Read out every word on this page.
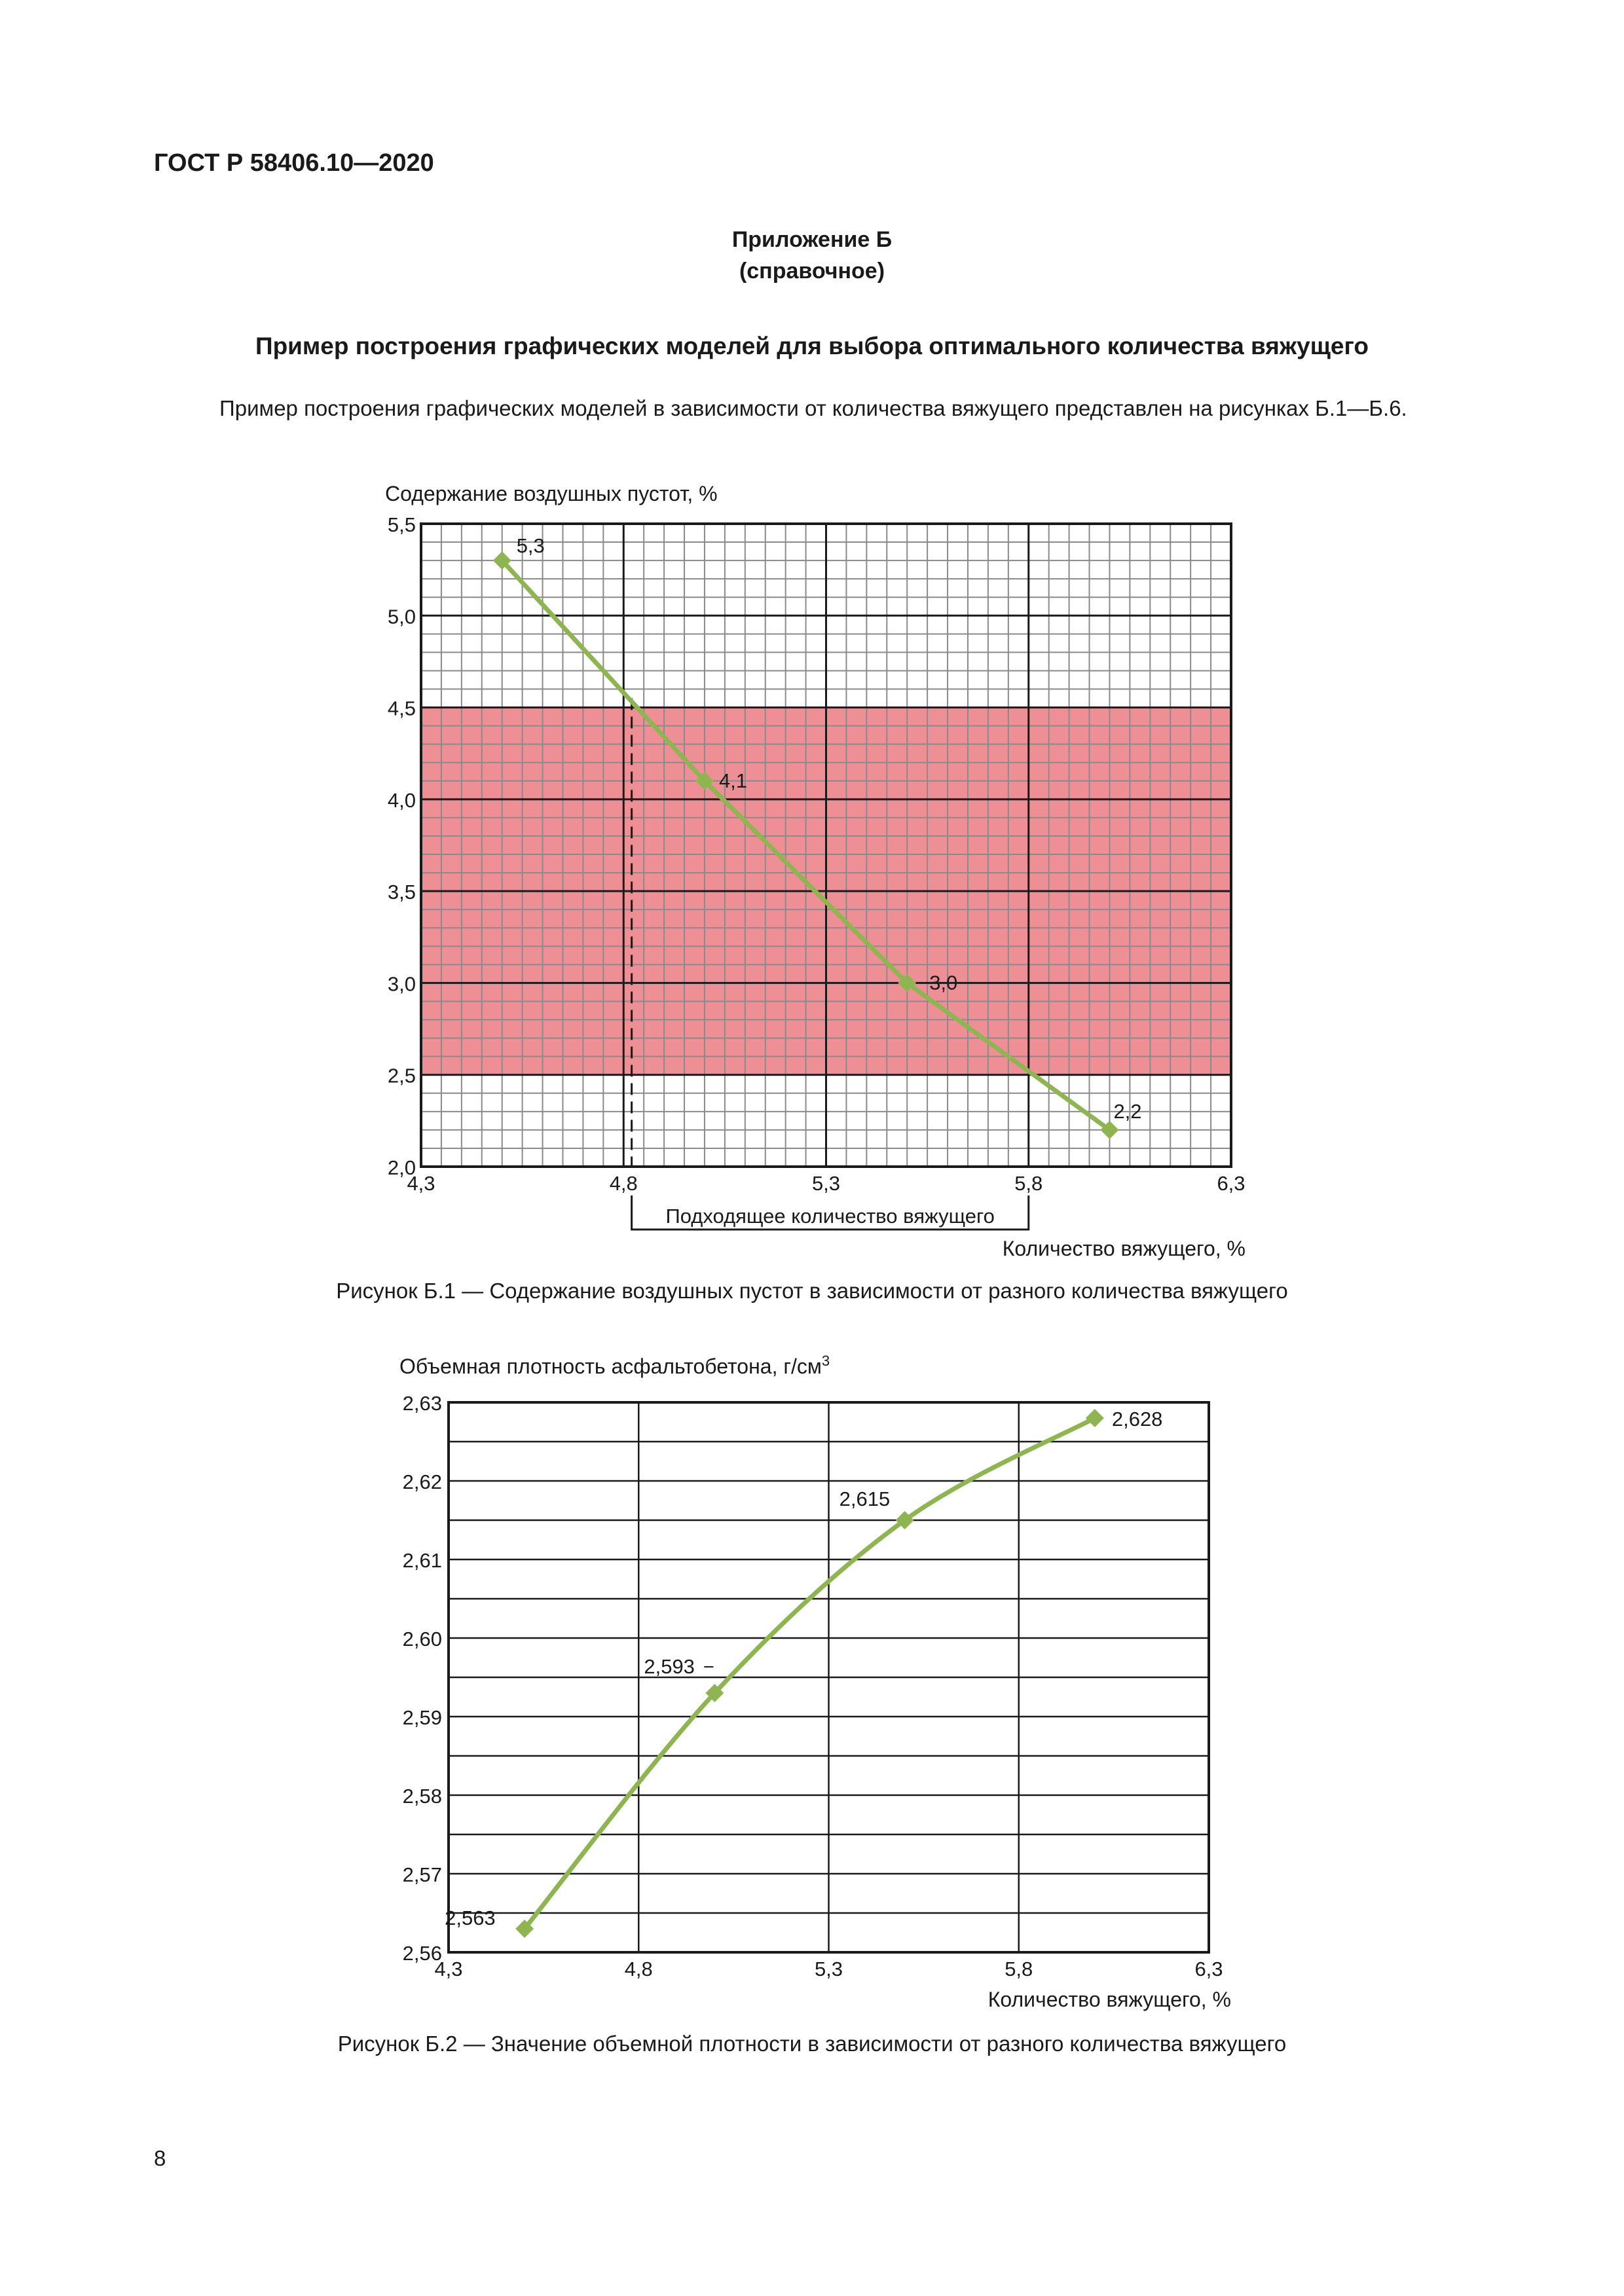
ГОСТ Р 58406.10—2020
Приложение Б
(справочное)
Пример построения графических моделей для выбора оптимального количества вяжущего
Пример построения графических моделей в зависимости от количества вяжущего представлен на рисунках Б.1—Б.6.
5,3
4,1
3,0
2,2
2,0
2,5
3,0
3,5
4,0
4,5
5,0
5,5
4,3	4,8	5,3	5,8	6,3
Содержание воздушных пустот, %
Количество вяжущего, %
Подходящее количество вяжущего
Рисунок Б.1 — Содержание воздушных пустот в зависимости от разного количества вяжущего
2,563
2,593
2,615
2,628
2,56
2,57
2,58
2,59
2,60
2,61
2,62
2,63
4,3	4,8	5,3	5,8	6,3
Объемная плотность асфальтобетона, $г/см^3$
Количество вяжущего, %
Рисунок Б.2 — Значение объемной плотности в зависимости от разного количества вяжущего
8
